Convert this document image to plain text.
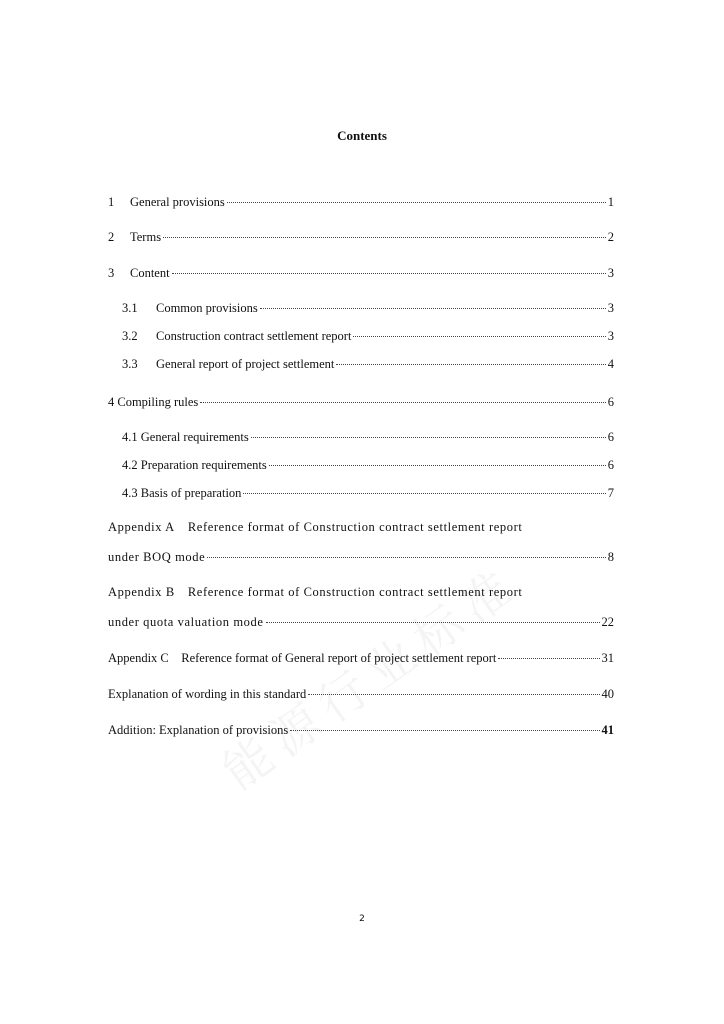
Contents
1	General provisions	1
2	Terms	2
3	Content	3
3.1	Common provisions	3
3.2	Construction contract settlement report	3
3.3	General report of project settlement	4
4 Compiling rules	6
4.1 General requirements	6
4.2 Preparation requirements	6
4.3 Basis of preparation	7
Appendix A Reference format of Construction contract settlement report
under BOQ mode	8
Appendix B Reference format of Construction contract settlement report
under quota valuation mode	22
Appendix C Reference format of General report of project settlement report	31
Explanation of wording in this standard	40
Addition: Explanation of provisions	41
2
